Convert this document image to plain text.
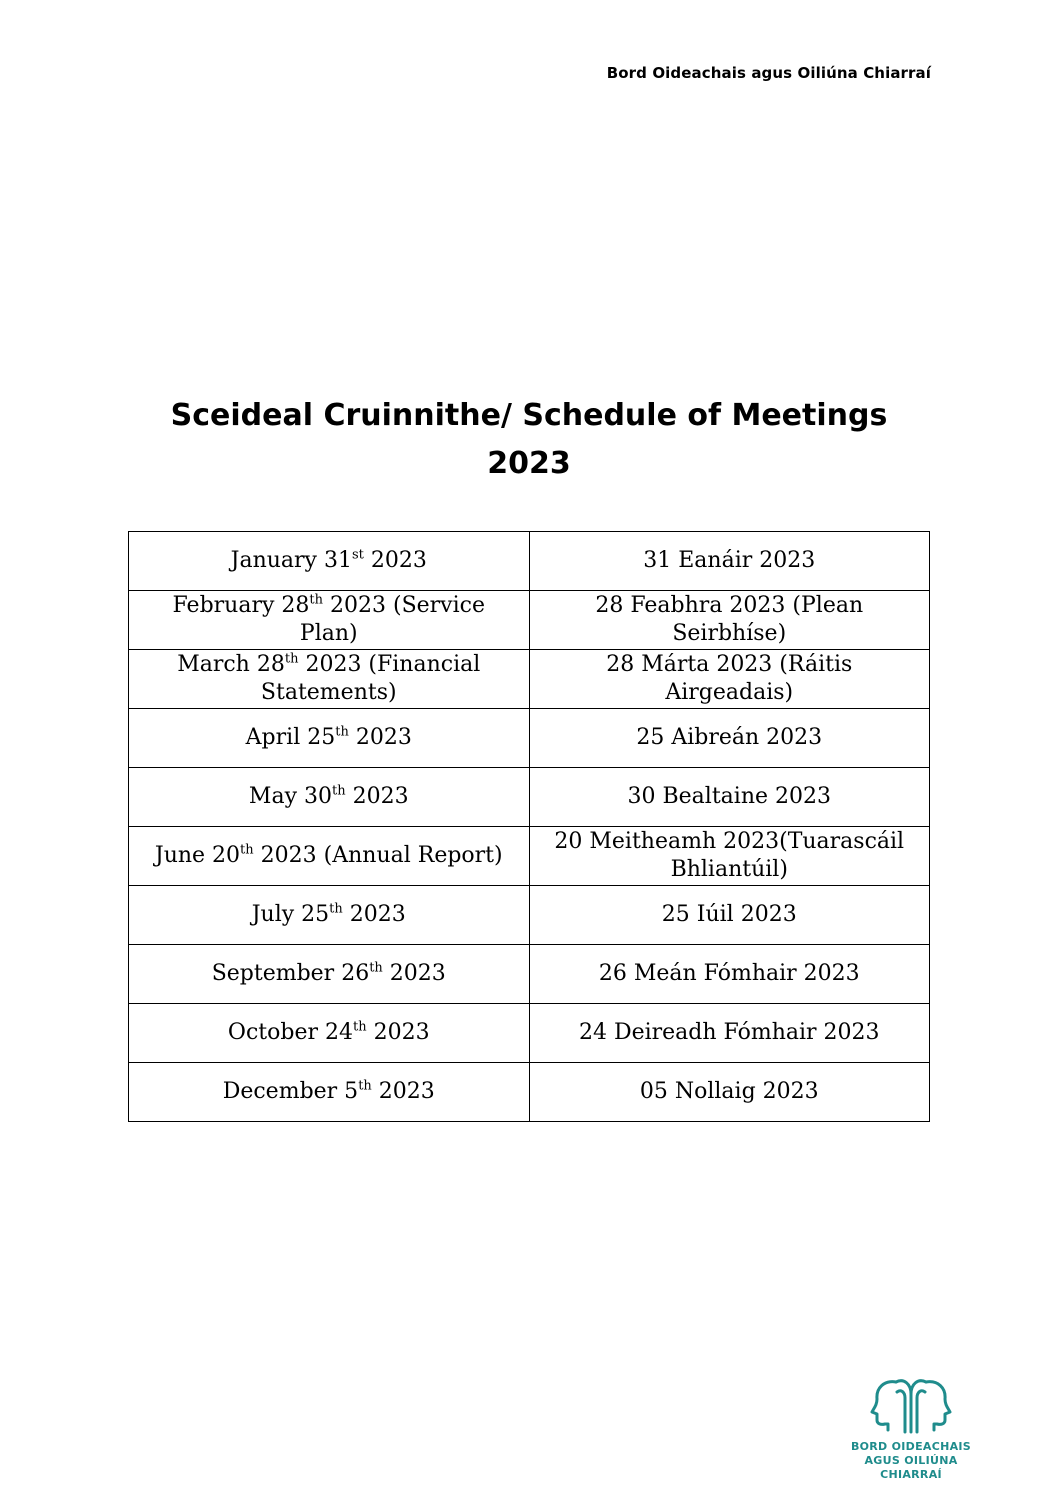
Bord Oideachais agus Oiliúna Chiarraí
Sceideal Cruinnithe/ Schedule of Meetings
2023
January 31st 2023	31 Eanáir 2023
February 28th 2023 (Service Plan)	28 Feabhra 2023 (Plean Seirbhíse)
March 28th 2023 (Financial Statements)	28 Márta 2023 (Ráitis Airgeadais)
April 25th 2023	25 Aibreán 2023
May 30th 2023	30 Bealtaine 2023
June 20th 2023 (Annual Report)	20 Meitheamh 2023(Tuarascáil Bhliantúil)
July 25th 2023	25 Iúil 2023
September 26th 2023	26 Meán Fómhair 2023
October 24th 2023	24 Deireadh Fómhair 2023
December 5th 2023	05 Nollaig 2023
BORD OIDEACHAIS
AGUS OILIÚNA CHIARRAÍ
